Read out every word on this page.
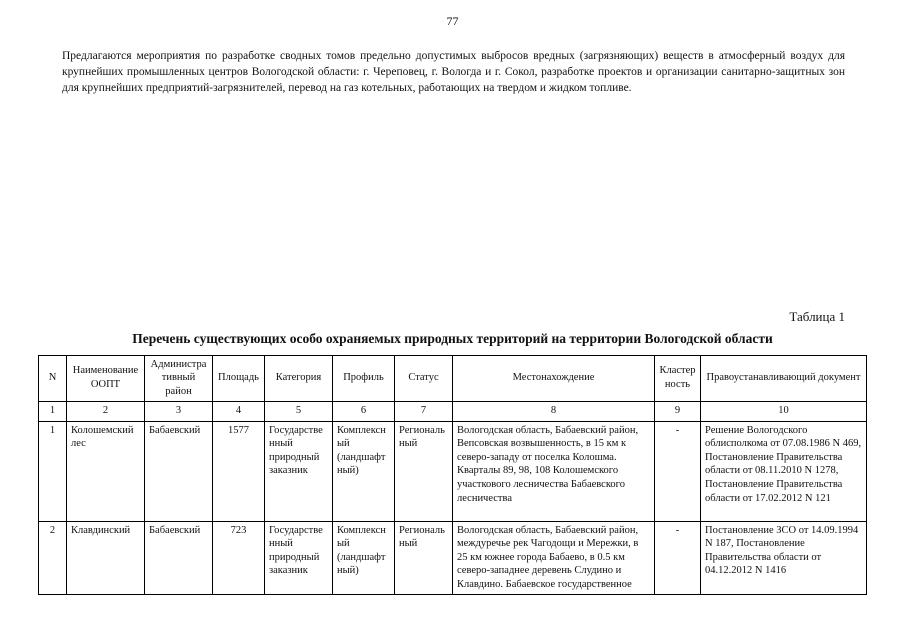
77

Предлагаются мероприятия по разработке сводных томов предельно допустимых выбросов вредных (загрязняющих) веществ в атмосферный воздух для крупнейших промышленных центров Вологодской области: г. Череповец, г. Вологда и г. Сокол, разработке проектов и организации санитарно-защитных зон для крупнейших предприятий-загрязнителей, перевод на газ котельных, работающих на твердом и жидком топливе.

Таблица 1
Перечень существующих особо охраняемых природных территорий на территории Вологодской области
N	Наименование ООПТ	Административный район	Площадь	Категория	Профиль	Статус	Местонахождение	Кластерность	Правоустанавливающий документ
1	2	3	4	5	6	7	8	9	10
1	Колошемский лес	Бабаевский	1577	Государственный природный заказник	Комплексный (ландшафтный)	Региональный	Вологодская область, Бабаевский район, Вепсовская возвышенность, в 15 км к северо-западу от поселка Колошма. Кварталы 89, 98, 108 Колошемского участкового лесничества Бабаевского лесничества	-	Решение Вологодского облисполкома от 07.08.1986 N 469, Постановление Правительства области от 08.11.2010 N 1278, Постановление Правительства области от 17.02.2012 N 121
2	Клавдинский	Бабаевский	723	Государственный природный заказник	Комплексный (ландшафтный)	Региональный	Вологодская область, Бабаевский район, междуречье рек Чагодощи и Мережки, в 25 км южнее города Бабаево, в 0.5 км северо-западнее деревень Слудино и Клавдино. Бабаевское государственное	-	Постановление ЗСО от 14.09.1994 N 187, Постановление Правительства области от 04.12.2012 N 1416
